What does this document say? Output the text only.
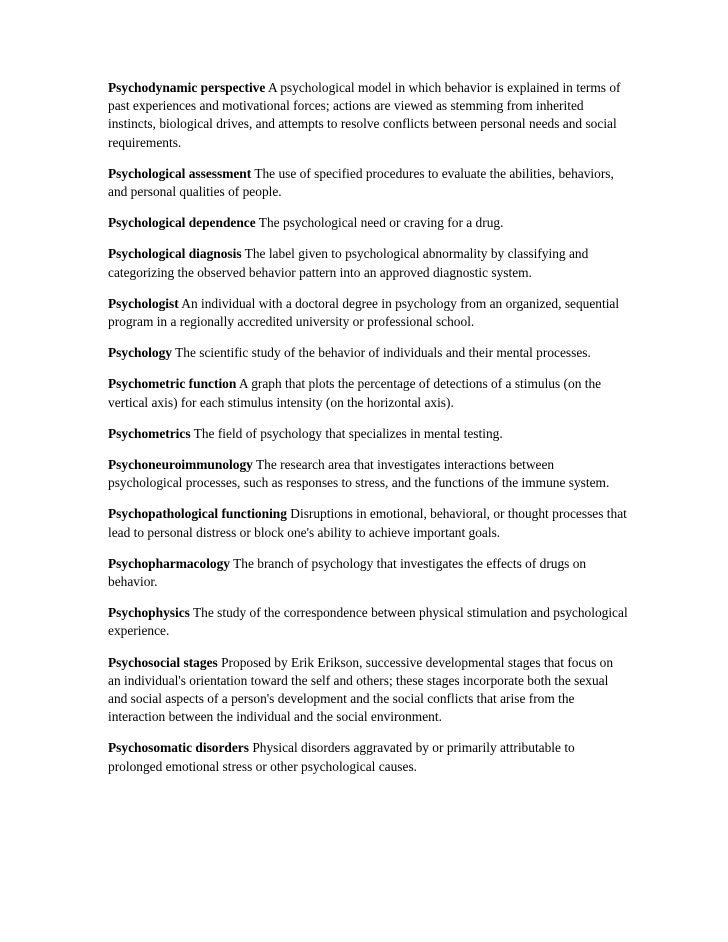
Psychodynamic perspective A psychological model in which behavior is explained in terms of past experiences and motivational forces; actions are viewed as stemming from inherited instincts, biological drives, and attempts to resolve conflicts between personal needs and social requirements.

Psychological assessment The use of specified procedures to evaluate the abilities, behaviors, and personal qualities of people.

Psychological dependence The psychological need or craving for a drug.

Psychological diagnosis The label given to psychological abnormality by classifying and categorizing the observed behavior pattern into an approved diagnostic system.

Psychologist An individual with a doctoral degree in psychology from an organized, sequential program in a regionally accredited university or professional school.

Psychology The scientific study of the behavior of individuals and their mental processes.

Psychometric function A graph that plots the percentage of detections of a stimulus (on the vertical axis) for each stimulus intensity (on the horizontal axis).

Psychometrics The field of psychology that specializes in mental testing.

Psychoneuroimmunology The research area that investigates interactions between psychological processes, such as responses to stress, and the functions of the immune system.

Psychopathological functioning Disruptions in emotional, behavioral, or thought processes that lead to personal distress or block one's ability to achieve important goals.

Psychopharmacology The branch of psychology that investigates the effects of drugs on behavior.

Psychophysics The study of the correspondence between physical stimulation and psychological experience.

Psychosocial stages Proposed by Erik Erikson, successive developmental stages that focus on an individual's orientation toward the self and others; these stages incorporate both the sexual and social aspects of a person's development and the social conflicts that arise from the interaction between the individual and the social environment.

Psychosomatic disorders Physical disorders aggravated by or primarily attributable to prolonged emotional stress or other psychological causes.
